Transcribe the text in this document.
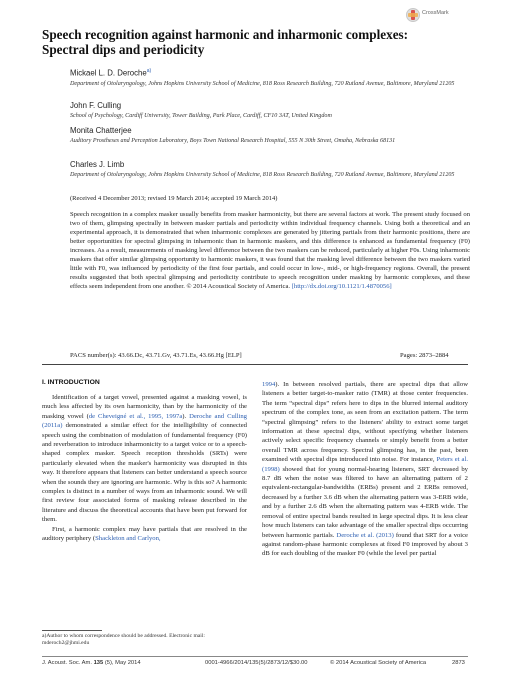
CrossMark
Speech recognition against harmonic and inharmonic complexes:
Spectral dips and periodicity
Mickael L. D. Deroche$^{a)}$
Department of Otolaryngology, Johns Hopkins University School of Medicine, 818 Ross Research Building, 720 Rutland Avenue, Baltimore, Maryland 21205
John F. Culling
School of Psychology, Cardiff University, Tower Building, Park Place, Cardiff, CF10 3AT, United Kingdom
Monita Chatterjee
Auditory Prostheses and Perception Laboratory, Boys Town National Research Hospital, 555 N 30th Street, Omaha, Nebraska 68131
Charles J. Limb
Department of Otolaryngology, Johns Hopkins University School of Medicine, 818 Ross Research Building, 720 Rutland Avenue, Baltimore, Maryland 21205
(Received 4 December 2013; revised 19 March 2014; accepted 19 March 2014)
Speech recognition in a complex masker usually benefits from masker harmonicity, but there are several factors at work. The present study focused on two of them, glimpsing spectrally in between masker partials and periodicity within individual frequency channels. Using both a theoretical and an experimental approach, it is demonstrated that when inharmonic complexes are generated by jittering partials from their harmonic positions, there are better opportunities for spectral glimpsing in inharmonic than in harmonic maskers, and this difference is enhanced as fundamental frequency (F0) increases. As a result, measurements of masking level difference between the two maskers can be reduced, particularly at higher F0s. Using inharmonic maskers that offer similar glimpsing opportunity to harmonic maskers, it was found that the masking level difference between the two maskers varied little with F0, was influenced by periodicity of the first four partials, and could occur in low-, mid-, or high-frequency regions. Overall, the present results suggested that both spectral glimpsing and periodicity contribute to speech recognition under masking by harmonic complexes, and these effects seem independent from one another. © 2014 Acoustical Society of America. [http://dx.doi.org/10.1121/1.4870056]
PACS number(s): 43.66.Dc, 43.71.Gv, 43.71.Es, 43.66.Hg [ELP]	Pages: 2873–2884
I. INTRODUCTION

Identification of a target vowel, presented against a masking vowel, is much less affected by its own harmonicity, than by the harmonicity of the masking vowel (de Cheveigné et al., 1995, 1997a). Deroche and Culling (2011a) demonstrated a similar effect for the intelligibility of connected speech using the combination of modulation of fundamental frequency (F0) and reverberation to introduce inharmonicity to a target voice or to a speech-shaped complex masker. Speech reception thresholds (SRTs) were particularly elevated when the masker's harmonicity was disrupted in this way. It therefore appears that listeners can better understand a speech source when the sounds they are ignoring are harmonic. Why is this so? A harmonic complex is distinct in a number of ways from an inharmonic sound. We will first review four associated forms of masking release described in the literature and discuss the theoretical accounts that have been put forward for them.

First, a harmonic complex may have partials that are resolved in the auditory periphery (Shackleton and Carlyon,

1994). In between resolved partials, there are spectral dips that allow listeners a better target-to-masker ratio (TMR) at those center frequencies. The term “spectral dips” refers here to dips in the blurred internal auditory spectrum of the complex tone, as seen from an excitation pattern. The term “spectral glimpsing” refers to the listeners' ability to extract some target information at these spectral dips, without specifying whether listeners actively select specific frequency channels or simply benefit from a better overall TMR across frequency. Spectral glimpsing has, in the past, been examined with spectral dips introduced into noise. For instance, Peters et al. (1998) showed that for young normal-hearing listeners, SRT decreased by 8.7 dB when the noise was filtered to have an alternating pattern of 2 equivalent-rectangular-bandwidths (ERBs) present and 2 ERBs removed, decreased by a further 3.6 dB when the alternating pattern was 3-ERB wide, and by a further 2.6 dB when the alternating pattern was 4-ERB wide. The removal of entire spectral bands resulted in large spectral dips. It is less clear how much listeners can take advantage of the smaller spectral dips occurring between harmonic partials. Deroche et al. (2013) found that SRT for a voice against random-phase harmonic complexes at fixed F0 improved by about 3 dB for each doubling of the masker F0 (while the level per partial

a)Author to whom correspondence should be addressed. Electronic mail: mderoch2@jhmi.edu
J. Acoust. Soc. Am. 135 (5), May 2014	0001-4966/2014/135(5)/2873/12/$30.00	© 2014 Acoustical Society of America	2873
